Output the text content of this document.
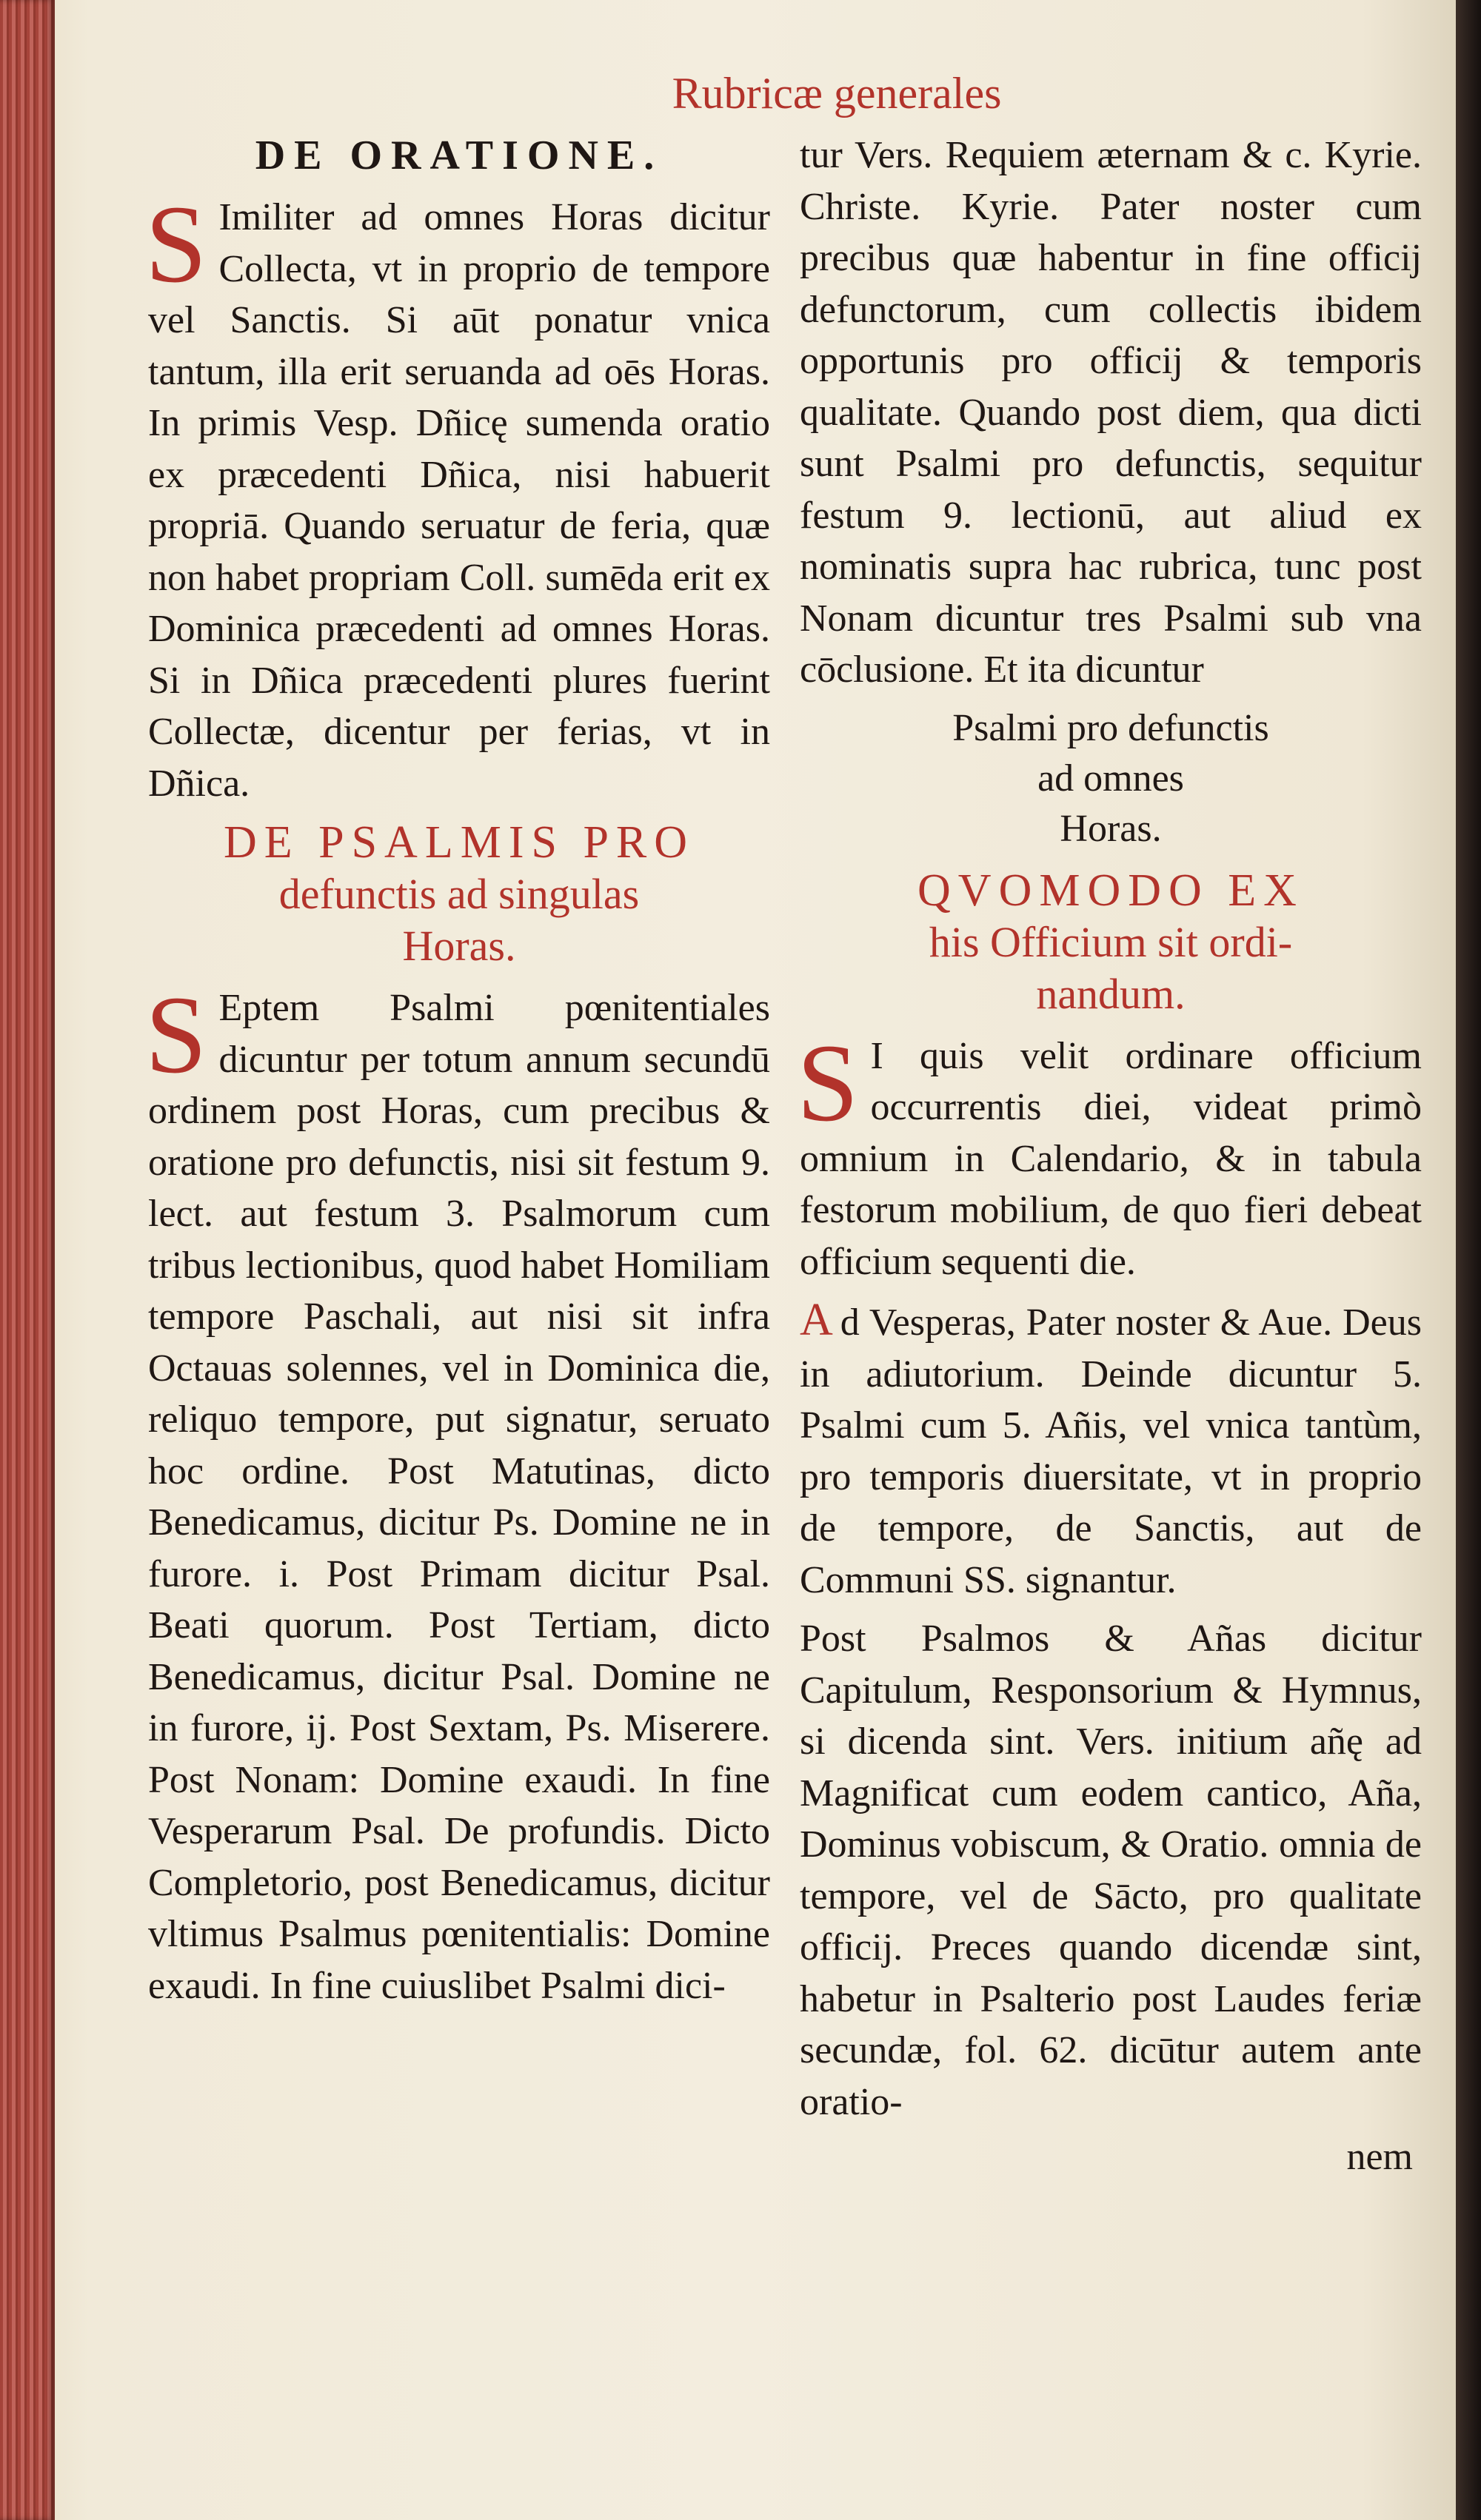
Rubricæ generales
DE ORATIONE.

S Imiliter ad omnes Horas dicitur Collecta, vt in proprio de tempore vel Sanctis. Si aūt ponatur vnica tantum, illa erit seruanda ad oēs Horas. In primis Vesp. Dñicę sumenda oratio ex præcedenti Dñica, nisi habuerit propriā. Quando seruatur de feria, quæ non habet propriam Coll. sumēda erit ex Dominica præcedenti ad omnes Horas. Si in Dñica præcedenti plures fuerint Collectæ, dicentur per ferias, vt in Dñica.

DE PSALMIS PRO
defunctis ad singulas
Horas.

S Eptem Psalmi pœnitentiales dicuntur per totum annum secundū ordinem post Horas, cum precibus & oratione pro defunctis, nisi sit festum 9. lect. aut festum 3. Psalmorum cum tribus lectionibus, quod habet Homiliam tempore Paschali, aut nisi sit infra Octauas solennes, vel in Dominica die, reliquo tempore, put signatur, seruato hoc ordine. Post Matutinas, dicto Benedicamus, dicitur Ps. Domine ne in furore. i. Post Primam dicitur Psal. Beati quorum. Post Tertiam, dicto Benedicamus, dicitur Psal. Domine ne in furore, ij. Post Sextam, Ps. Miserere. Post Nonam: Domine exaudi. In fine Vesperarum Psal. De profundis. Dicto Completorio, post Benedicamus, dicitur vltimus Psalmus pœnitentialis: Domine exaudi. In fine cuiuslibet Psalmi dici-

tur Vers. Requiem æternam & c. Kyrie. Christe. Kyrie. Pater noster cum precibus quæ habentur in fine officij defunctorum, cum collectis ibidem opportunis pro officij & temporis qualitate. Quando post diem, qua dicti sunt Psalmi pro defunctis, sequitur festum 9. lectionū, aut aliud ex nominatis supra hac rubrica, tunc post Nonam dicuntur tres Psalmi sub vna cōclusione. Et ita dicuntur

Psalmi pro defunctis
ad omnes
Horas.
QVOMODO EX
his Officium sit ordi-
nandum.

S I quis velit ordinare officium occurrentis diei, videat primò omnium in Calendario, & in tabula festorum mobilium, de quo fieri debeat officium sequenti die.

A d Vesperas, Pater noster & Aue. Deus in adiutorium. Deinde dicuntur 5. Psalmi cum 5. Añis, vel vnica tantùm, pro temporis diuersitate, vt in proprio de tempore, de Sanctis, aut de Communi SS. signantur.

Post Psalmos & Añas dicitur Capitulum, Responsorium & Hymnus, si dicenda sint. Vers. initium añę ad Magnificat cum eodem cantico, Aña, Dominus vobiscum, & Oratio. omnia de tempore, vel de Sācto, pro qualitate officij. Preces quando dicendæ sint, habetur in Psalterio post Laudes feriæ secundæ, fol. 62. dicūtur autem ante oratio-

nem
